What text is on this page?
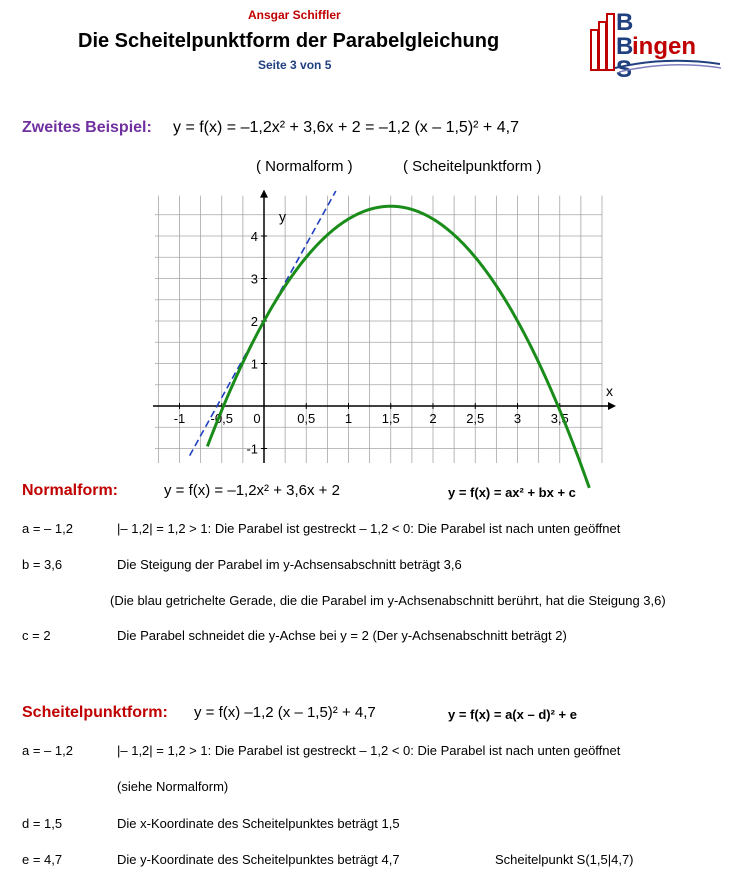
Ansgar Schiffler
Die Scheitelpunktform der Parabelgleichung
Seite 3 von 5
B
B
S
ingen
Zweites Beispiel: y = f(x) = –1,2x² + 3,6x + 2 = –1,2 (x – 1,5)² + 4,7
( Normalform )	( Scheitelpunktform )
-1 -0,5 0	0,5 1 1,5 2 2,5 3 3,5
4
3
2
1
-1
y
x
Normalform:	y = f(x) = –1,2x² + 3,6x + 2	y = f(x) = ax² + bx + c
a = – 1,2	|– 1,2| = 1,2 > 1: Die Parabel ist gestreckt – 1,2 < 0: Die Parabel ist nach unten geöffnet
b = 3,6	Die Steigung der Parabel im y-Achsensabschnitt beträgt 3,6
(Die blau getrichelte Gerade, die die Parabel im y-Achsenabschnitt berührt, hat die Steigung 3,6)
c = 2	Die Parabel schneidet die y-Achse bei y = 2 (Der y-Achsenabschnitt beträgt 2)
Scheitelpunktform: y = f(x) –1,2 (x – 1,5)² + 4,7	y = f(x) = a(x – d)² + e
a = – 1,2	|– 1,2| = 1,2 > 1: Die Parabel ist gestreckt – 1,2 < 0: Die Parabel ist nach unten geöffnet
(siehe Normalform)
d = 1,5	Die x-Koordinate des Scheitelpunktes beträgt 1,5
e = 4,7	Die y-Koordinate des Scheitelpunktes beträgt 4,7	Scheitelpunkt S(1,5|4,7)
